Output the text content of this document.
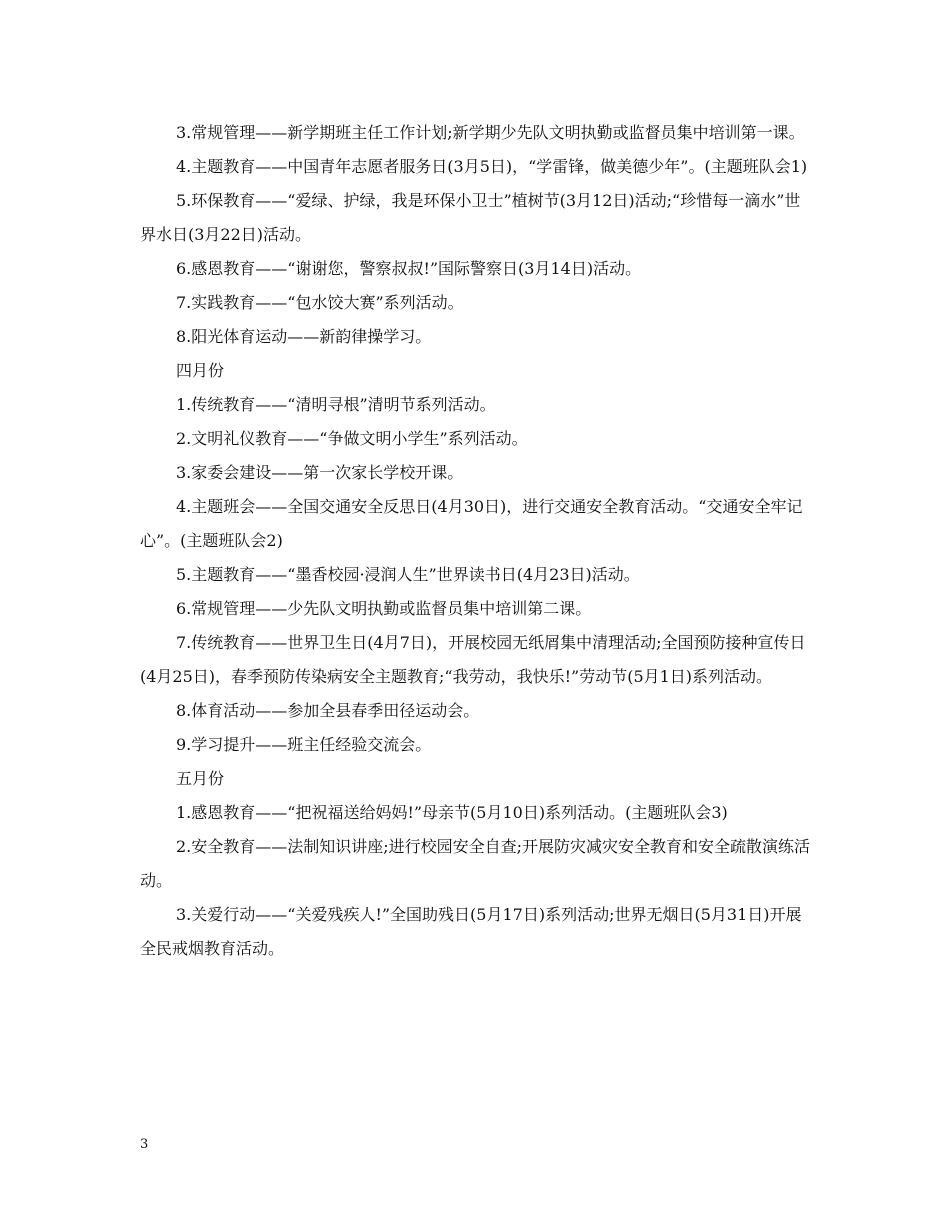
3.常规管理——新学期班主任工作计划;新学期少先队文明执勤或监督员集中培训第一课。

4.主题教育——中国青年志愿者服务日(3月5日)，“学雷锋，做美德少年”。(主题班队会1)

5.环保教育——“爱绿、护绿，我是环保小卫士”植树节(3月12日)活动;“珍惜每一滴水”世界水日(3月22日)活动。

6.感恩教育——“谢谢您，警察叔叔!”国际警察日(3月14日)活动。

7.实践教育——“包水饺大赛”系列活动。

8.阳光体育运动——新韵律操学习。

四月份

1.传统教育——“清明寻根”清明节系列活动。

2.文明礼仪教育——“争做文明小学生”系列活动。

3.家委会建设——第一次家长学校开课。

4.主题班会——全国交通安全反思日(4月30日)，进行交通安全教育活动。“交通安全牢记心”。(主题班队会2)

5.主题教育——“墨香校园·浸润人生”世界读书日(4月23日)活动。

6.常规管理——少先队文明执勤或监督员集中培训第二课。

7.传统教育——世界卫生日(4月7日)，开展校园无纸屑集中清理活动;全国预防接种宣传日(4月25日)，春季预防传染病安全主题教育;“我劳动，我快乐!”劳动节(5月1日)系列活动。

8.体育活动——参加全县春季田径运动会。

9.学习提升——班主任经验交流会。

五月份

1.感恩教育——“把祝福送给妈妈!”母亲节(5月10日)系列活动。(主题班队会3)

2.安全教育——法制知识讲座;进行校园安全自查;开展防灾减灾安全教育和安全疏散演练活动。

3.关爱行动——“关爱残疾人!”全国助残日(5月17日)系列活动;世界无烟日(5月31日)开展全民戒烟教育活动。

3
